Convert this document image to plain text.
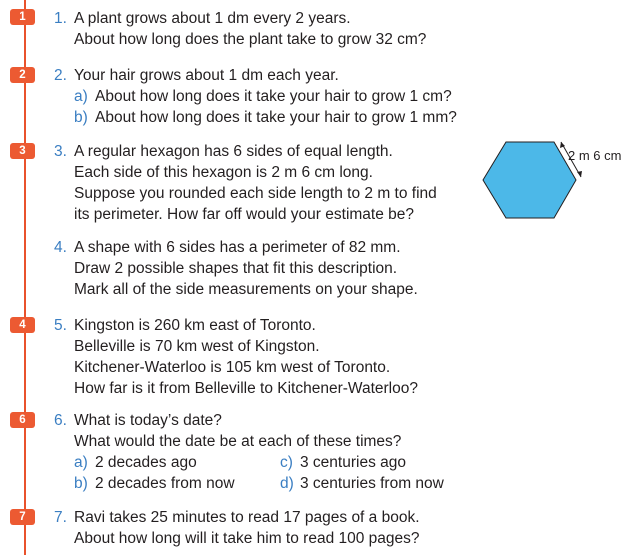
1
2
3
4
6
7
1. A plant grows about 1 dm every 2 years.
About how long does the plant take to grow 32 cm?
2. Your hair grows about 1 dm each year.
a) About how long does it take your hair to grow 1 cm?
b) About how long does it take your hair to grow 1 mm?
3. A regular hexagon has 6 sides of equal length.
Each side of this hexagon is 2 m 6 cm long.
Suppose you rounded each side length to 2 m to find
its perimeter. How far off would your estimate be?
2 m 6 cm
4. A shape with 6 sides has a perimeter of 82 mm.
Draw 2 possible shapes that fit this description.
Mark all of the side measurements on your shape.
5. Kingston is 260 km east of Toronto.
Belleville is 70 km west of Kingston.
Kitchener-Waterloo is 105 km west of Toronto.
How far is it from Belleville to Kitchener-Waterloo?
6. What is today’s date?
What would the date be at each of these times?
a) 2 decades ago
b) 2 decades from now
c) 3 centuries ago
d) 3 centuries from now
7. Ravi takes 25 minutes to read 17 pages of a book.
About how long will it take him to read 100 pages?
